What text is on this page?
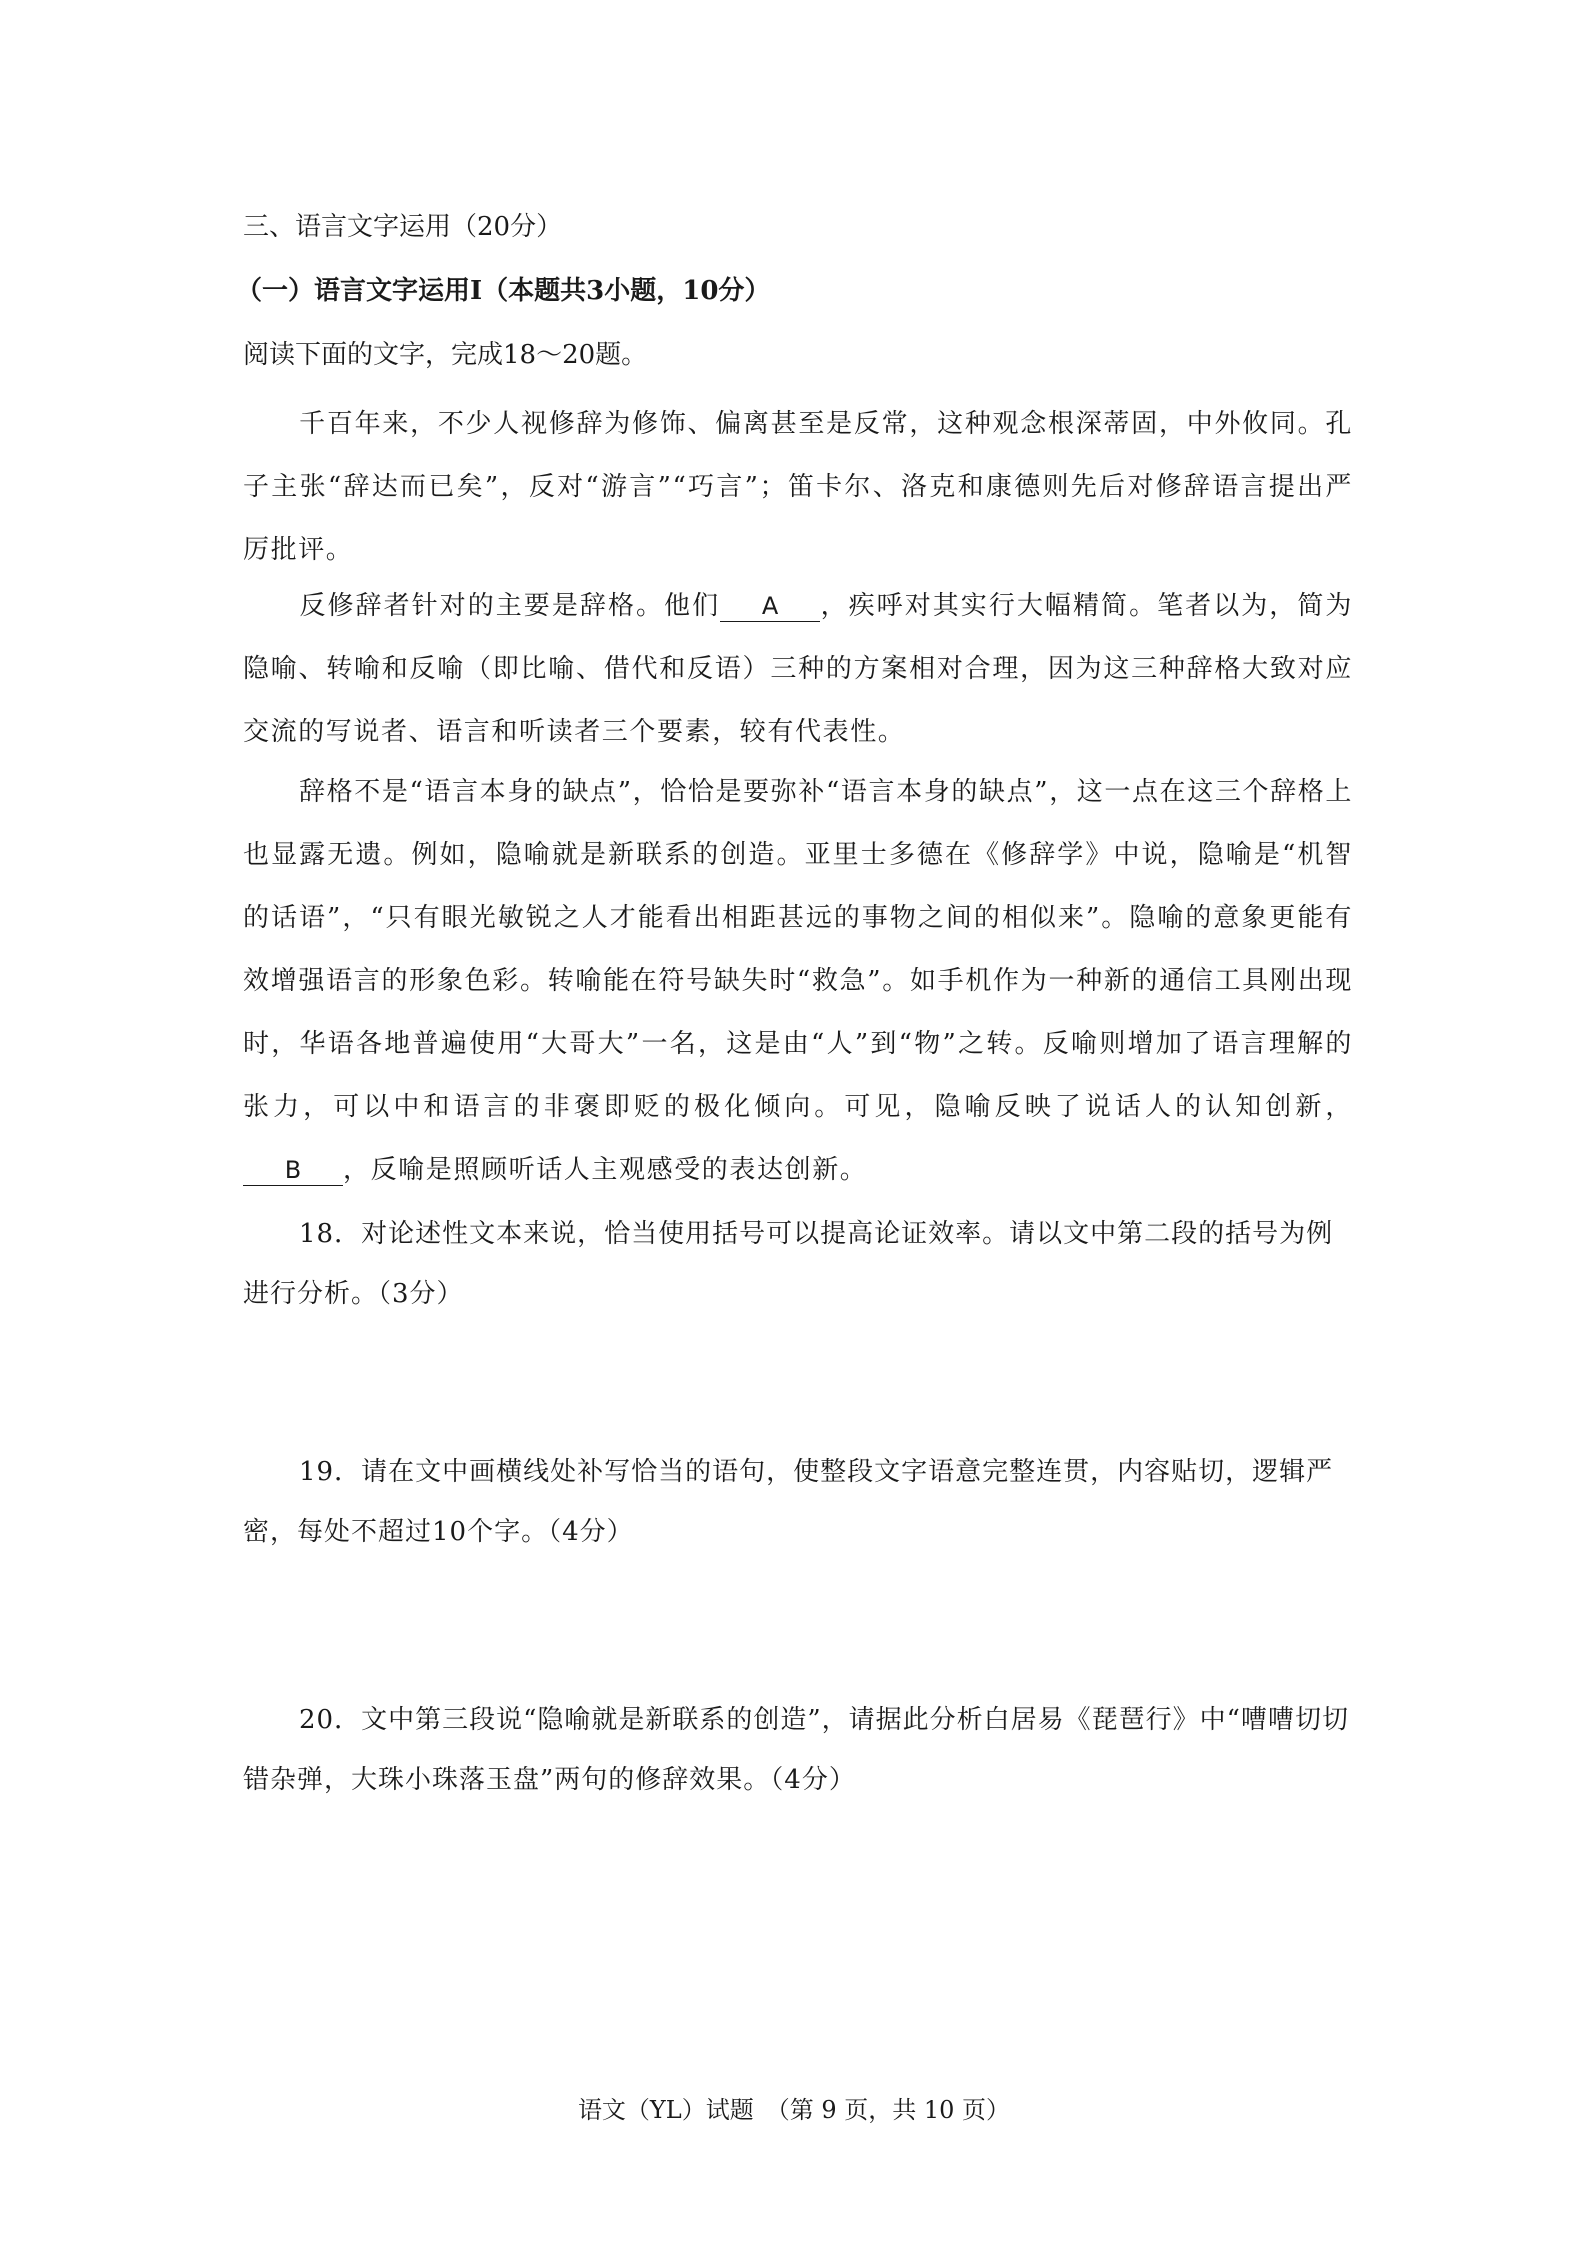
三、语言文字运用（20分）
（一）语言文字运用Ⅰ（本题共3小题，10分）
阅读下面的文字，完成18～20题。
千百年来，不少人视修辞为修饰、偏离甚至是反常，这种观念根深蒂固，中外攸同。孔子主张“辞达而已矣”，反对“游言”“巧言”；笛卡尔、洛克和康德则先后对修辞语言提出严厉批评。
反修辞者针对的主要是辞格。他们 A ，疾呼对其实行大幅精简。笔者以为，简为隐喻、转喻和反喻（即比喻、借代和反语）三种的方案相对合理，因为这三种辞格大致对应交流的写说者、语言和听读者三个要素，较有代表性。
辞格不是“语言本身的缺点”，恰恰是要弥补“语言本身的缺点”，这一点在这三个辞格上也显露无遗。例如，隐喻就是新联系的创造。亚里士多德在《修辞学》中说，隐喻是“机智的话语”，“只有眼光敏锐之人才能看出相距甚远的事物之间的相似来”。隐喻的意象更能有效增强语言的形象色彩。转喻能在符号缺失时“救急”。如手机作为一种新的通信工具刚出现时，华语各地普遍使用“大哥大”一名，这是由“人”到“物”之转。反喻则增加了语言理解的张力，可以中和语言的非褒即贬的极化倾向。可见，隐喻反映了说话人的认知创新，B ，反喻是照顾听话人主观感受的表达创新。
18．对论述性文本来说，恰当使用括号可以提高论证效率。请以文中第二段的括号为例进行分析。（3分）
19．请在文中画横线处补写恰当的语句，使整段文字语意完整连贯，内容贴切，逻辑严密，每处不超过10个字。（4分）
20．文中第三段说“隐喻就是新联系的创造”，请据此分析白居易《琵琶行》中“嘈嘈切切错杂弹，大珠小珠落玉盘”两句的修辞效果。（4分）
语文（YL）试题　（第 9 页，共 10 页）
